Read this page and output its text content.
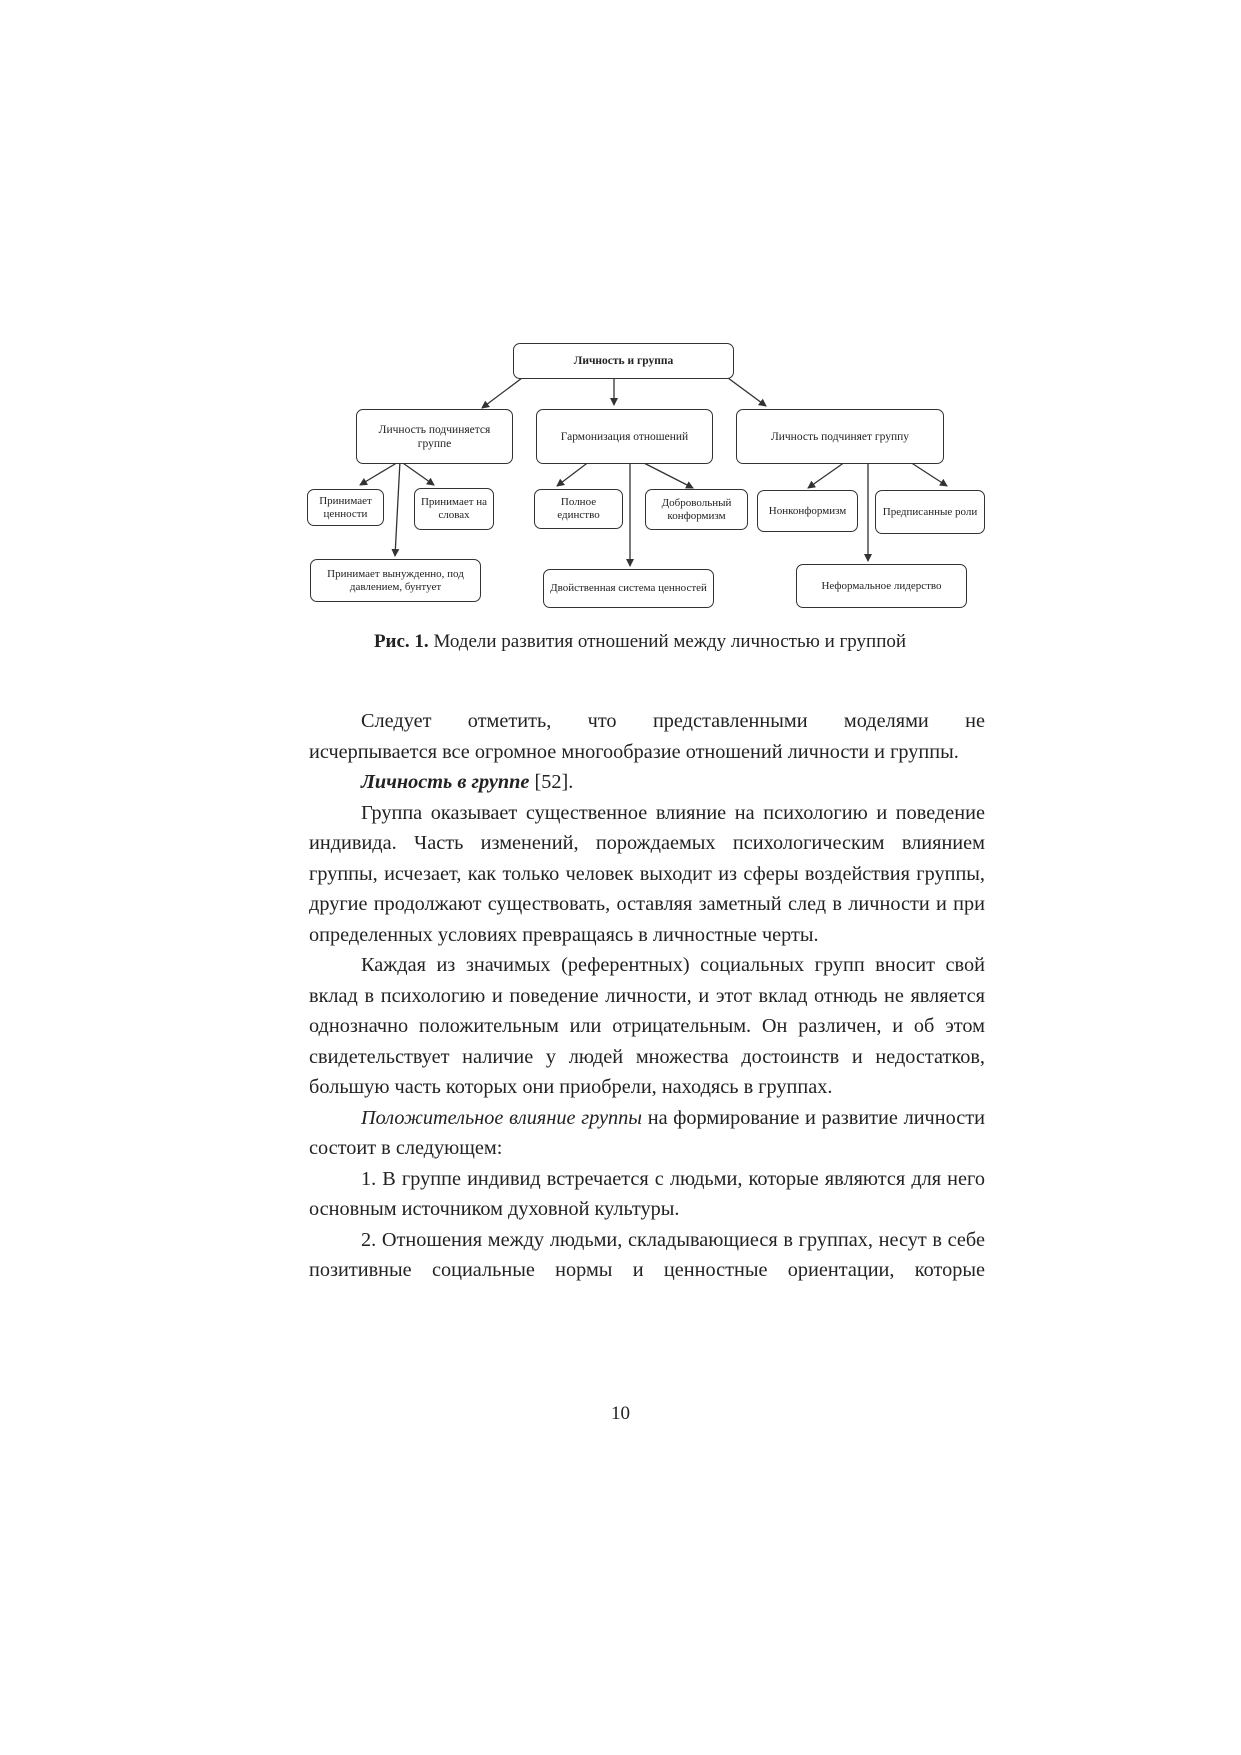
Личность и группа
Личность подчиняется группе
Гармонизация отношений	Личность подчиняет группу
Принимает ценности
Принимает на словах
Принимает вынужденно, под давлением, бунтует
Полное единство
Добровольный конформизм
Двойственная система ценностей
Нонконформизм	Предписанные роли
Неформальное лидерство
Рис. 1. Модели развития отношений между личностью и группой

Следует отметить, что представленными моделями не

исчерпывается все огромное многообразие отношений личности и группы.

Личность в группе [52].

Группа оказывает существенное влияние на психологию и поведение индивида. Часть изменений, порождаемых психологическим влиянием группы, исчезает, как только человек выходит из сферы воздействия группы, другие продолжают существовать, оставляя заметный след в личности и при определенных условиях превращаясь в личностные черты.

Каждая из значимых (референтных) социальных групп вносит свой вклад в психологию и поведение личности, и этот вклад отнюдь не является однозначно положительным или отрицательным. Он различен, и об этом свидетельствует наличие у людей множества достоинств и недостатков, большую часть которых они приобрели, находясь в группах.

Положительное влияние группы на формирование и развитие личности состоит в следующем:

1. В группе индивид встречается с людьми, которые являются для него основным источником духовной культуры.

2. Отношения между людьми, складывающиеся в группах, несут в себе позитивные социальные нормы и ценностные ориентации, которые

10
